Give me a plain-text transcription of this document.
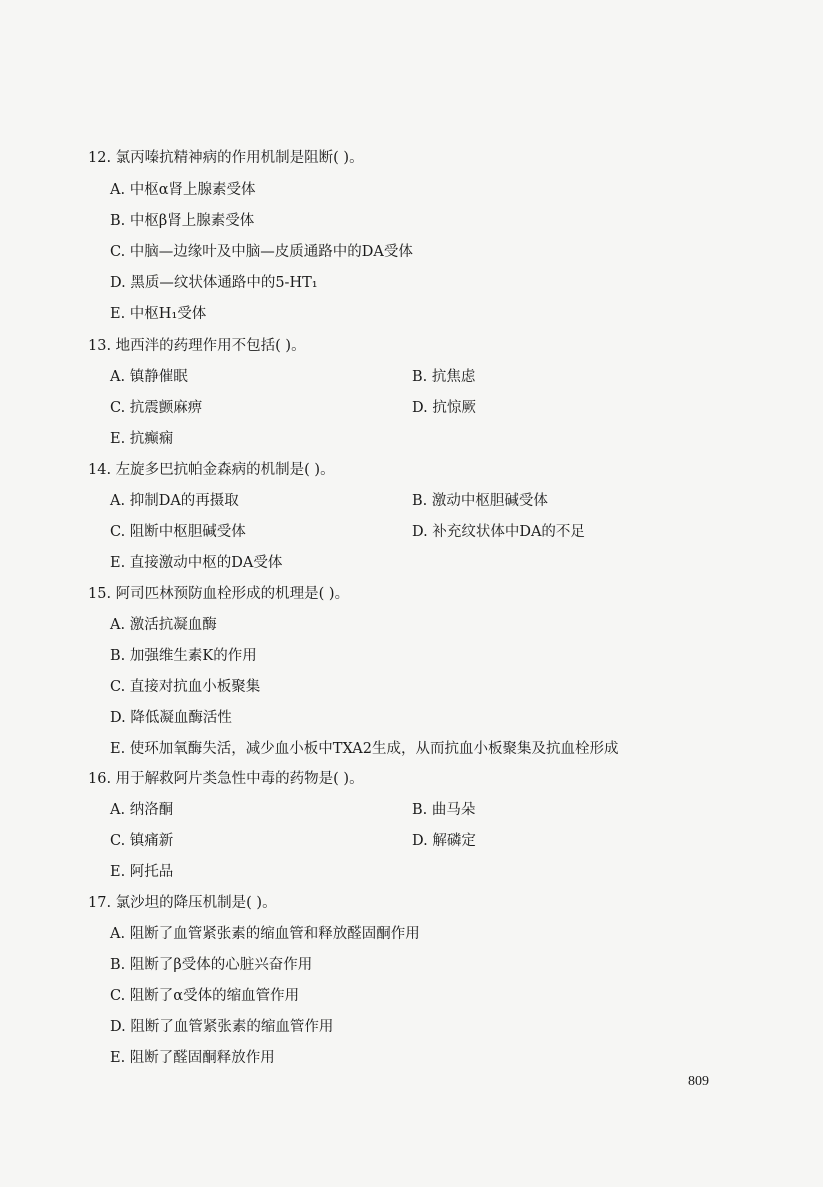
12. 氯丙嗪抗精神病的作用机制是阻断( )。
A. 中枢α肾上腺素受体
B. 中枢β肾上腺素受体
C. 中脑—边缘叶及中脑—皮质通路中的DA受体
D. 黑质—纹状体通路中的5-HT₁
E. 中枢H₁受体
13. 地西泮的药理作用不包括( )。
A. 镇静催眠	B. 抗焦虑
C. 抗震颤麻痹	D. 抗惊厥
E. 抗癫痫
14. 左旋多巴抗帕金森病的机制是( )。
A. 抑制DA的再摄取	B. 激动中枢胆碱受体
C. 阻断中枢胆碱受体	D. 补充纹状体中DA的不足
E. 直接激动中枢的DA受体
15. 阿司匹林预防血栓形成的机理是( )。
A. 激活抗凝血酶
B. 加强维生素K的作用
C. 直接对抗血小板聚集
D. 降低凝血酶活性
E. 使环加氧酶失活，减少血小板中TXA2生成，从而抗血小板聚集及抗血栓形成
16. 用于解救阿片类急性中毒的药物是( )。
A. 纳洛酮	B. 曲马朵
C. 镇痛新	D. 解磷定
E. 阿托品
17. 氯沙坦的降压机制是( )。
A. 阻断了血管紧张素的缩血管和释放醛固酮作用
B. 阻断了β受体的心脏兴奋作用
C. 阻断了α受体的缩血管作用
D. 阻断了血管紧张素的缩血管作用
E. 阻断了醛固酮释放作用
809
